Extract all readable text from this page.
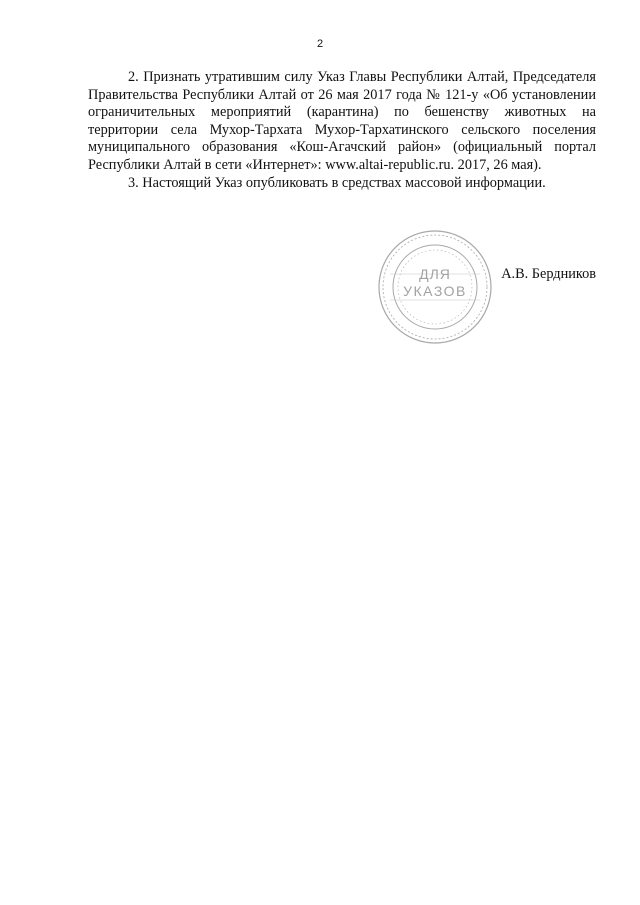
2

2. Признать утратившим силу Указ Главы Республики Алтай, Председателя Правительства Республики Алтай от 26 мая 2017 года № 121-у «Об установлении ограничительных мероприятий (карантина) по бешенству животных на территории села Мухор-Тархата Мухор-Тархатинского сельского поселения муниципального образования «Кош-Агачский район» (официальный портал Республики Алтай в сети «Интернет»: www.altai-republic.ru. 2017, 26 мая).

3. Настоящий Указ опубликовать в средствах массовой информации.

ДЛЯ
УКАЗОВ
А.В. Бердников
